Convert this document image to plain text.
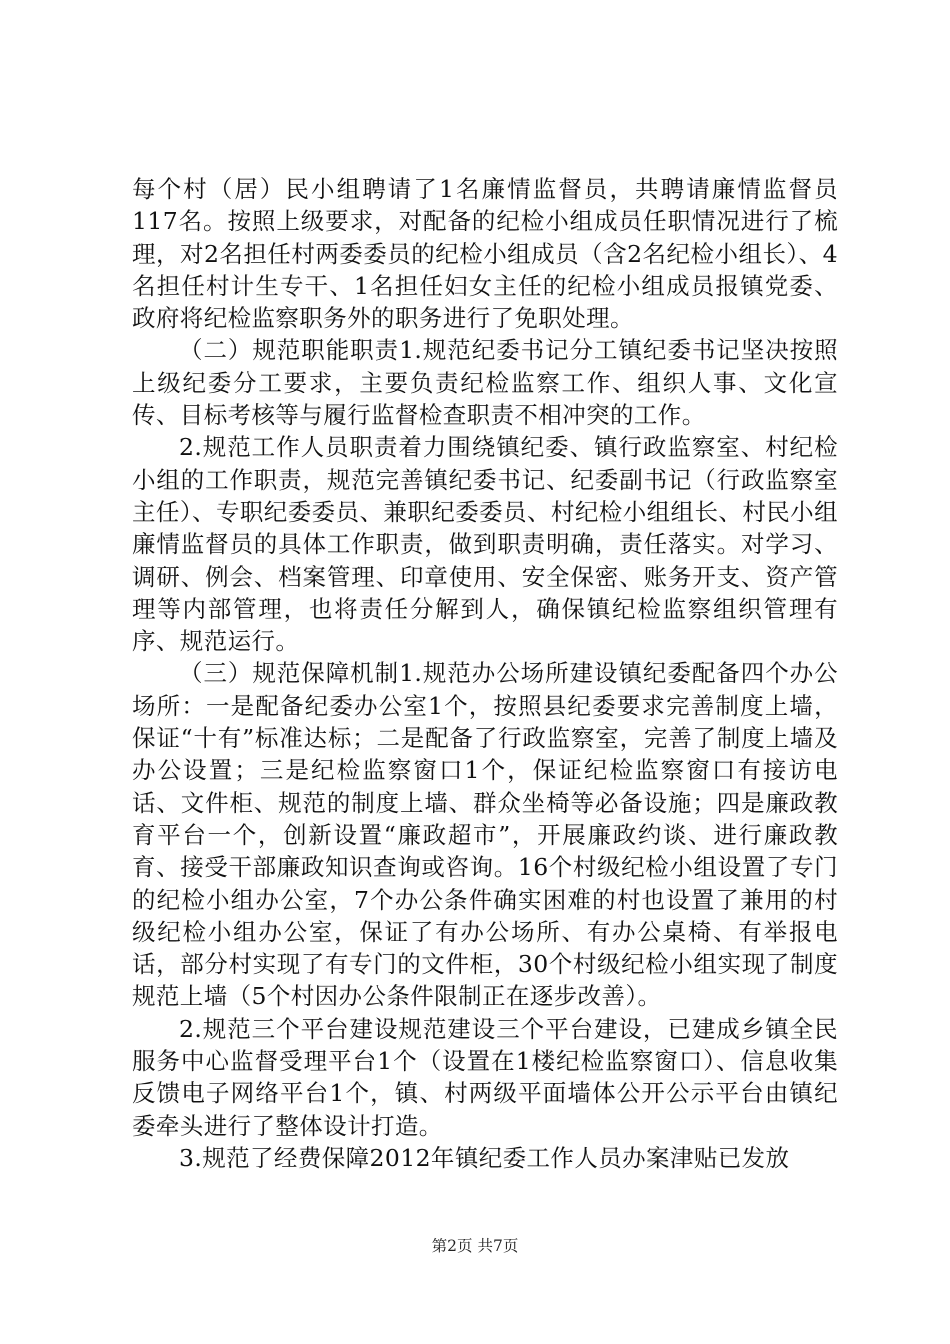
每个村（居）民小组聘请了1名廉情监督员，共聘请廉情监督员117名。按照上级要求，对配备的纪检小组成员任职情况进行了梳理，对2名担任村两委委员的纪检小组成员（含2名纪检小组长）、4名担任村计生专干、1名担任妇女主任的纪检小组成员报镇党委、政府将纪检监察职务外的职务进行了免职处理。

（二）规范职能职责1.规范纪委书记分工镇纪委书记坚决按照上级纪委分工要求，主要负责纪检监察工作、组织人事、文化宣传、目标考核等与履行监督检查职责不相冲突的工作。

2.规范工作人员职责着力围绕镇纪委、镇行政监察室、村纪检小组的工作职责，规范完善镇纪委书记、纪委副书记（行政监察室主任）、专职纪委委员、兼职纪委委员、村纪检小组组长、村民小组廉情监督员的具体工作职责，做到职责明确，责任落实。对学习、调研、例会、档案管理、印章使用、安全保密、账务开支、资产管理等内部管理，也将责任分解到人，确保镇纪检监察组织管理有序、规范运行。

（三）规范保障机制1.规范办公场所建设镇纪委配备四个办公场所：一是配备纪委办公室1个，按照县纪委要求完善制度上墙，保证“十有”标准达标；二是配备了行政监察室，完善了制度上墙及办公设置；三是纪检监察窗口1个，保证纪检监察窗口有接访电话、文件柜、规范的制度上墙、群众坐椅等必备设施；四是廉政教育平台一个，创新设置“廉政超市”，开展廉政约谈、进行廉政教育、接受干部廉政知识查询或咨询。16个村级纪检小组设置了专门的纪检小组办公室，7个办公条件确实困难的村也设置了兼用的村级纪检小组办公室，保证了有办公场所、有办公桌椅、有举报电话，部分村实现了有专门的文件柜，30个村级纪检小组实现了制度规范上墙（5个村因办公条件限制正在逐步改善）。

2.规范三个平台建设规范建设三个平台建设，已建成乡镇全民服务中心监督受理平台1个（设置在1楼纪检监察窗口）、信息收集反馈电子网络平台1个，镇、村两级平面墙体公开公示平台由镇纪委牵头进行了整体设计打造。

3.规范了经费保障2012年镇纪委工作人员办案津贴已发放

第2页 共7页
